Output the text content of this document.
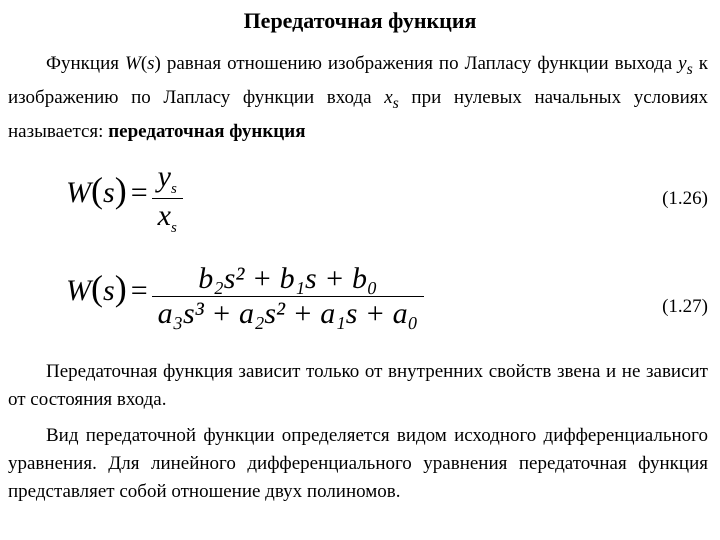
Передаточная функция
Функция W(s) равная отношению изображения по Лапласу функции выхода $y_s$ к изображению по Лапласу функции входа $x_s$ при нулевых начальных условиях называется: передаточная функция
$W(s) = \frac{y_s}{x_s}$	(1.26)
$W(s) = \frac{\text{b₂s² + b₁s + b₀}}{\text{a₃s³ + a₂s² + a₁s + a₀}}$	(1.27)
Передаточная функция зависит только от внутренних свойств звена и не зависит от состояния входа.
Вид передаточной функции определяется видом исходного дифференциального уравнения. Для линейного дифференциального уравнения передаточная функция представляет собой отношение двух полиномов.
